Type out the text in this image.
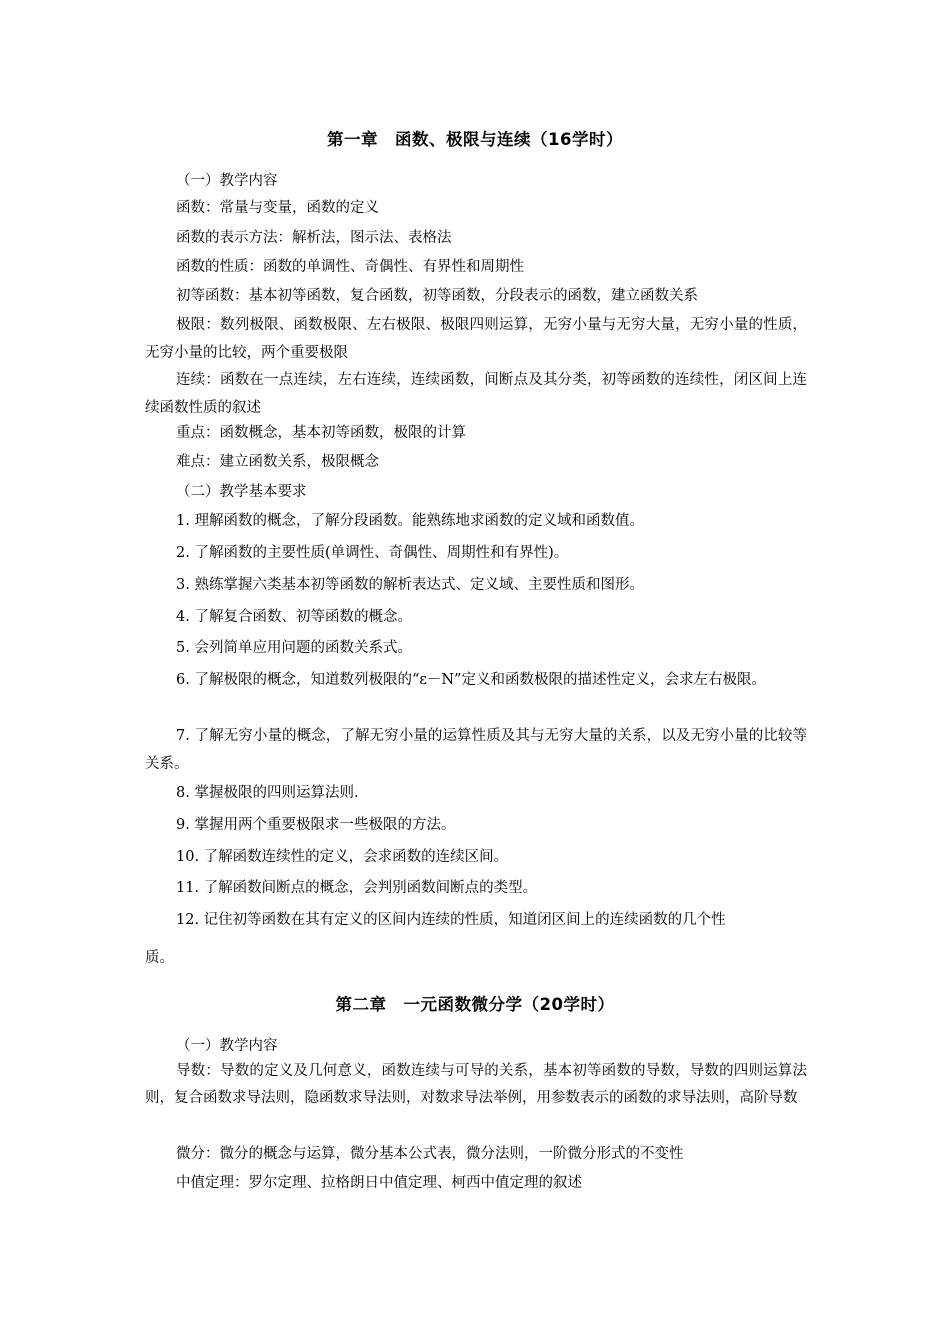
第一章　函数、极限与连续（16学时）
（一）教学内容
函数：常量与变量，函数的定义
函数的表示方法：解析法，图示法、表格法
函数的性质：函数的单调性、奇偶性、有界性和周期性
初等函数：基本初等函数，复合函数，初等函数，分段表示的函数，建立函数关系
极限：数列极限、函数极限、左右极限、极限四则运算，无穷小量与无穷大量，无穷小量的性质，无穷小量的比较，两个重要极限
连续：函数在一点连续，左右连续，连续函数，间断点及其分类，初等函数的连续性，闭区间上连续函数性质的叙述
重点：函数概念，基本初等函数，极限的计算
难点：建立函数关系，极限概念
（二）教学基本要求
1. 理解函数的概念，了解分段函数。能熟练地求函数的定义域和函数值。
2. 了解函数的主要性质(单调性、奇偶性、周期性和有界性)。
3. 熟练掌握六类基本初等函数的解析表达式、定义域、主要性质和图形。
4. 了解复合函数、初等函数的概念。
5. 会列简单应用问题的函数关系式。
6. 了解极限的概念，知道数列极限的“ε－N”定义和函数极限的描述性定义，会求左右极限。
7. 了解无穷小量的概念，了解无穷小量的运算性质及其与无穷大量的关系，以及无穷小量的比较等关系。
8. 掌握极限的四则运算法则.
9. 掌握用两个重要极限求一些极限的方法。
10. 了解函数连续性的定义，会求函数的连续区间。
11. 了解函数间断点的概念，会判别函数间断点的类型。
12. 记住初等函数在其有定义的区间内连续的性质，知道闭区间上的连续函数的几个性
质。
第二章　一元函数微分学（20学时）
（一）教学内容
导数：导数的定义及几何意义，函数连续与可导的关系，基本初等函数的导数，导数的四则运算法则，复合函数求导法则，隐函数求导法则，对数求导法举例，用参数表示的函数的求导法则，高阶导数
微分：微分的概念与运算，微分基本公式表，微分法则，一阶微分形式的不变性
中值定理：罗尔定理、拉格朗日中值定理、柯西中值定理的叙述
